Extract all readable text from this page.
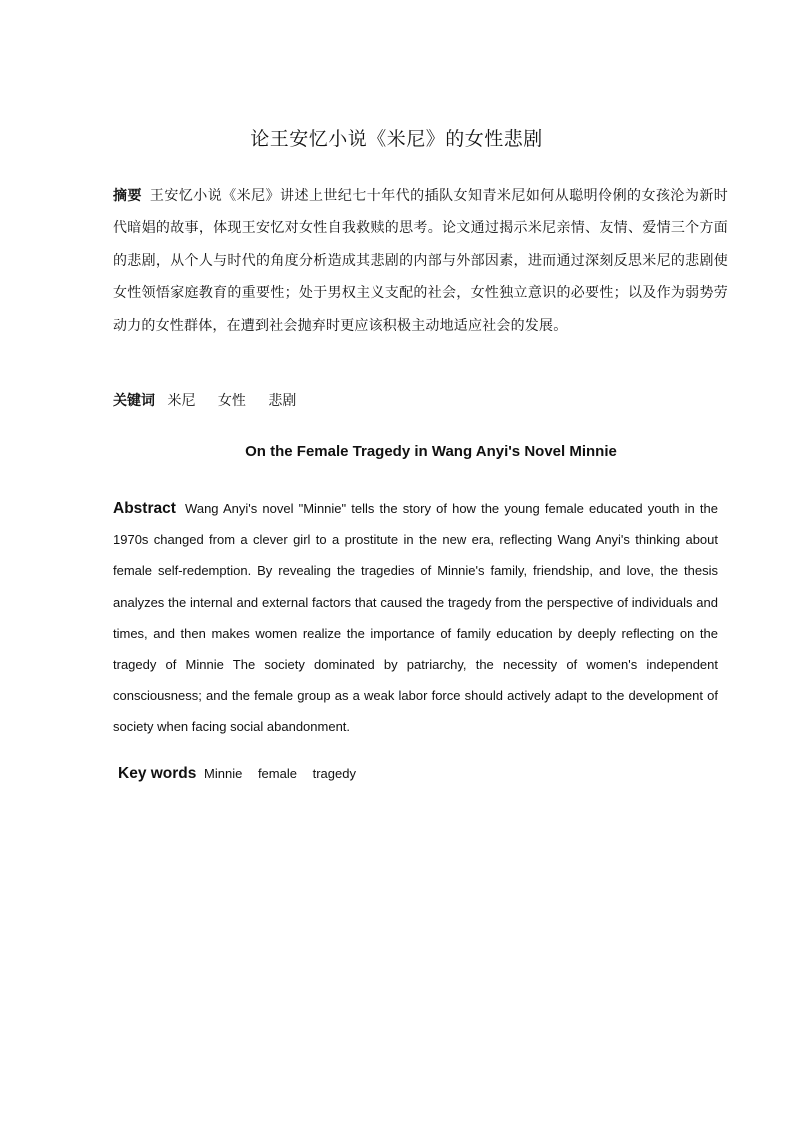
论王安忆小说《米尼》的女性悲剧
摘要 王安忆小说《米尼》讲述上世纪七十年代的插队女知青米尼如何从聪明伶俐的女孩沦为新时代暗娼的故事，体现王安忆对女性自我救赎的思考。论文通过揭示米尼亲情、友情、爱情三个方面的悲剧，从个人与时代的角度分析造成其悲剧的内部与外部因素，进而通过深刻反思米尼的悲剧使女性领悟家庭教育的重要性；处于男权主义支配的社会，女性独立意识的必要性；以及作为弱势劳动力的女性群体，在遭到社会抛弃时更应该积极主动地适应社会的发展。
关键词 米尼 女性 悲剧
On the Female Tragedy in Wang Anyi's Novel Minnie
Abstract Wang Anyi's novel "Minnie" tells the story of how the young female educated youth in the 1970s changed from a clever girl to a prostitute in the new era, reflecting Wang Anyi's thinking about female self-redemption. By revealing the tragedies of Minnie's family, friendship, and love, the thesis analyzes the internal and external factors that caused the tragedy from the perspective of individuals and times, and then makes women realize the importance of family education by deeply reflecting on the tragedy of Minnie The society dominated by patriarchy, the necessity of women's independent consciousness; and the female group as a weak labor force should actively adapt to the development of society when facing social abandonment.
Key words Minnie female tragedy
